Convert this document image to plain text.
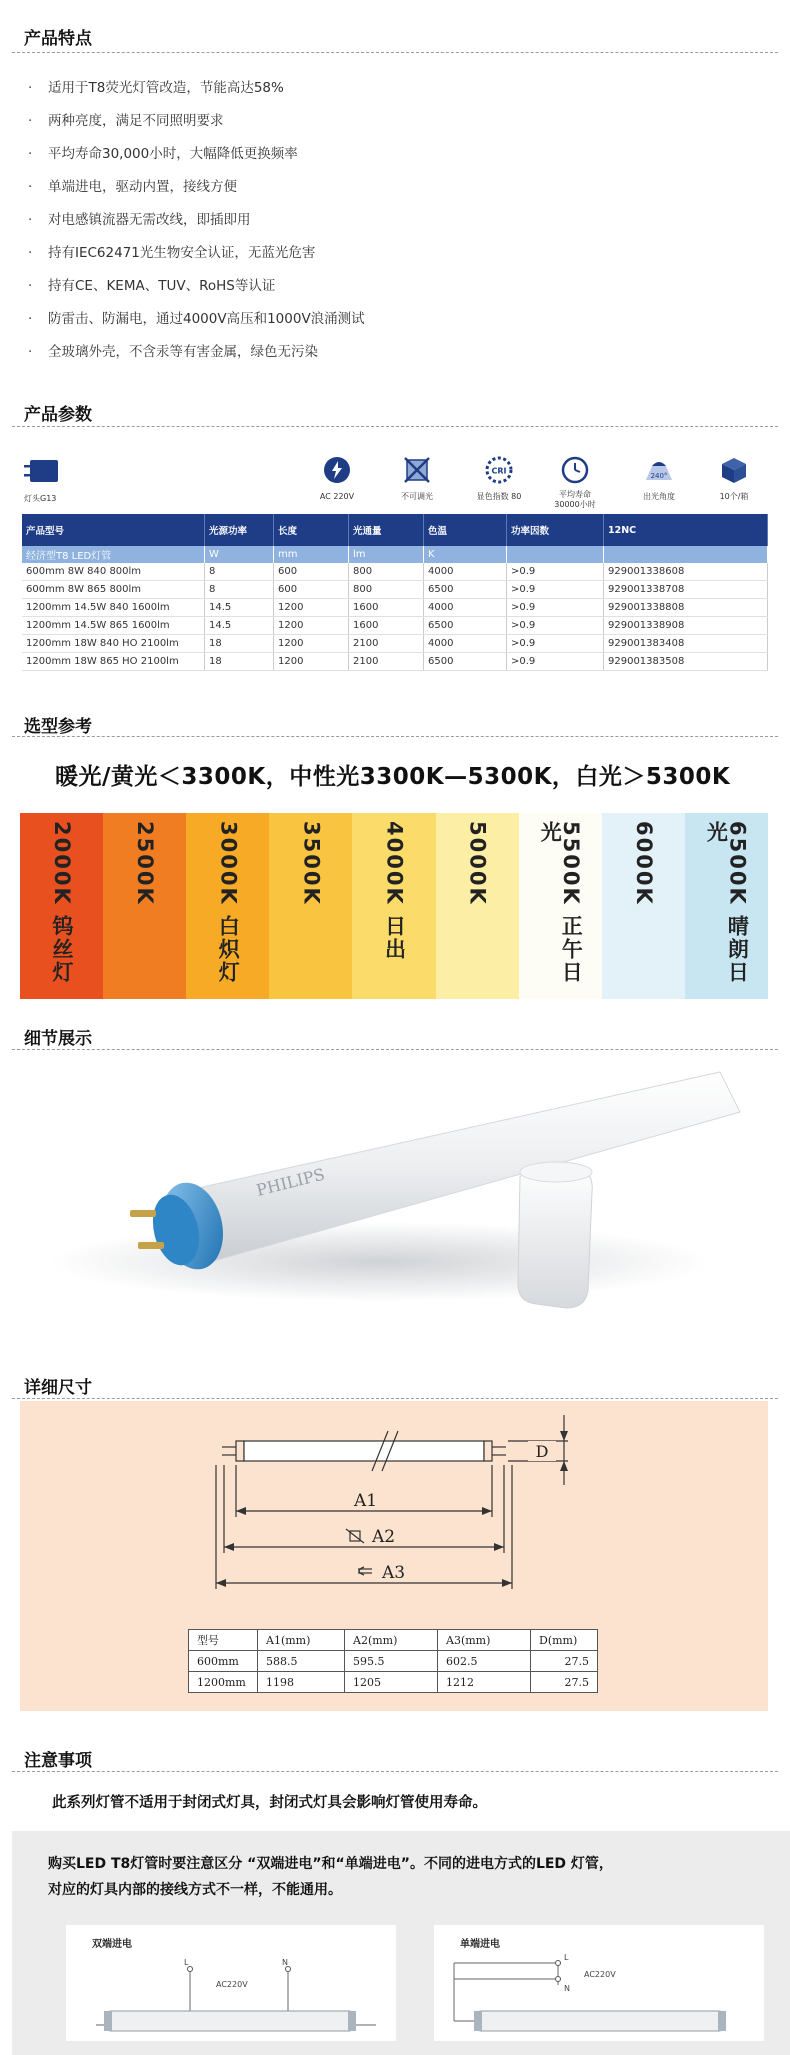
产品特点
· 适用于T8荧光灯管改造，节能高达58%
· 两种亮度，满足不同照明要求
· 平均寿命30,000小时，大幅降低更换频率
· 单端进电，驱动内置，接线方便
· 对电感镇流器无需改线，即插即用
· 持有IEC62471光生物安全认证，无蓝光危害
· 持有CE、KEMA、TUV、RoHS等认证
· 防雷击、防漏电，通过4000V高压和1000V浪涌测试
· 全玻璃外壳，不含汞等有害金属，绿色无污染
产品参数
灯头G13	AC 220V	不可调光
CRI
显色指数 80	平均寿命
30000小时
240°
出光角度	10个/箱
产品型号	光源功率	长度	光通量	色温	功率因数	12NC
经济型T8 LED灯管	W	mm	lm	K		
600mm 8W 840 800lm	8	600	800	4000	>0.9	929001338608
600mm 8W 865 800lm	8	600	800	6500	>0.9	929001338708
1200mm 14.5W 840 1600lm	14.5	1200	1600	4000	>0.9	929001338808
1200mm 14.5W 865 1600lm	14.5	1200	1600	6500	>0.9	929001338908
1200mm 18W 840 HO 2100lm	18	1200	2100	4000	>0.9	929001383408
1200mm 18W 865 HO 2100lm	18	1200	2100	6500	>0.9	929001383508
选型参考
暖光/黄光＜3300K，中性光3300K—5300K，白光＞5300K
2000K 钨丝灯	2500K	3000K 白炽灯	3500K	4000K 日出	5000K	5500K 正午日光	6000K	6500K 晴朗日光
细节展示
PHILIPS
详细尺寸
D
A1
A2
A3
型号	A1(mm)	A2(mm)	A3(mm)	D(mm)
600mm	588.5	595.5	602.5	27.5
1200mm	1198	1205	1212	27.5
注意事项
此系列灯管不适用于封闭式灯具，封闭式灯具会影响灯管使用寿命。
购买LED T8灯管时要注意区分 “双端进电”和“单端进电”。不同的进电方式的LED 灯管，
对应的灯具内部的接线方式不一样，不能通用。
双端进电
L	N
AC220V
单端进电
L
N
AC220V
